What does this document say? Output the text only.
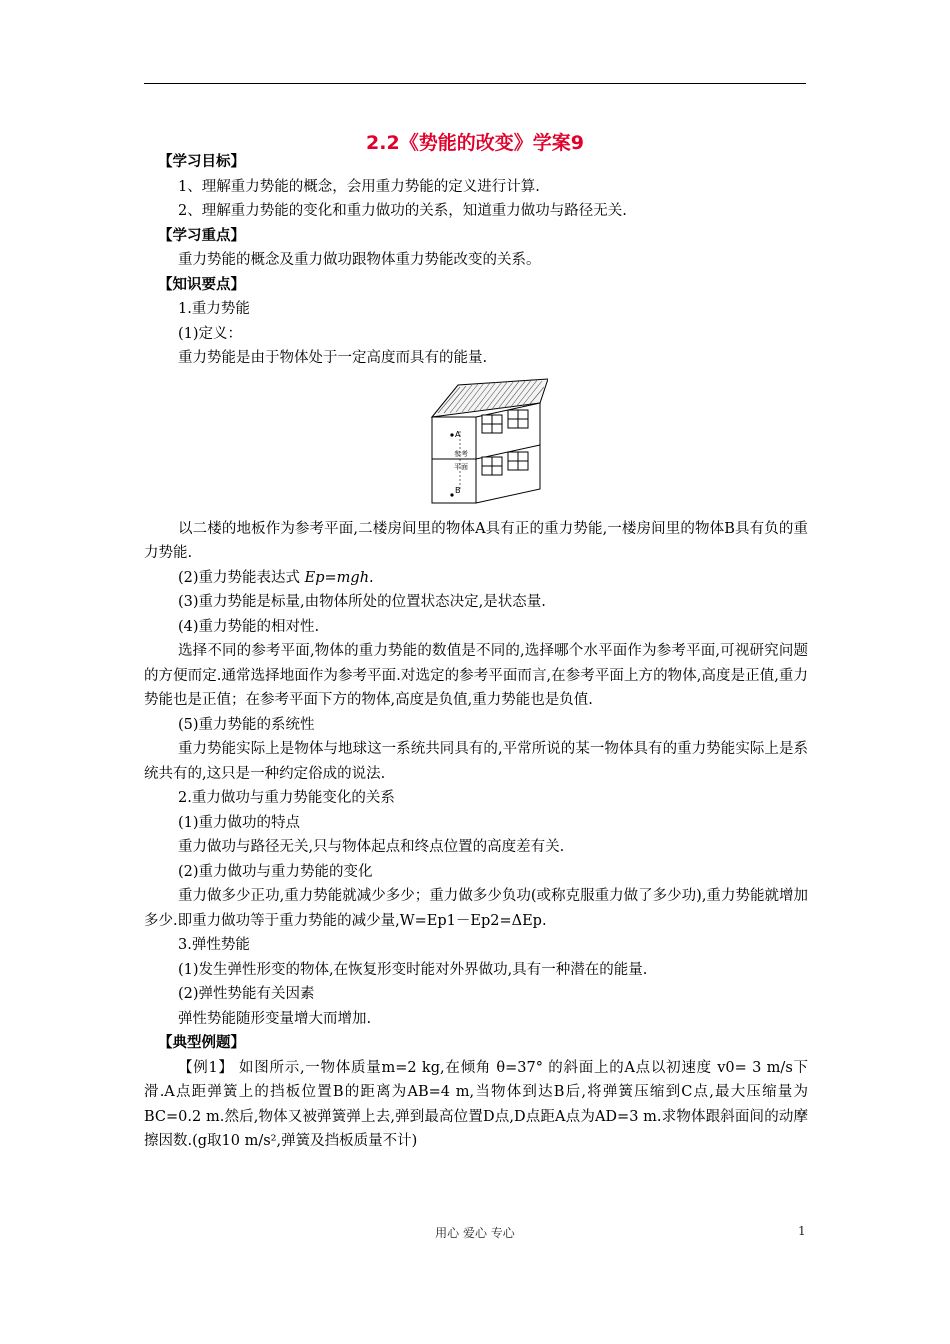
2.2《势能的改变》学案9

【学习目标】

1、理解重力势能的概念，会用重力势能的定义进行计算.

2、理解重力势能的变化和重力做功的关系，知道重力做功与路径无关.

【学习重点】

重力势能的概念及重力做功跟物体重力势能改变的关系。

【知识要点】

1.重力势能

(1)定义：

重力势能是由于物体处于一定高度而具有的能量.

A
B
参考
平面

以二楼的地板作为参考平面,二楼房间里的物体A具有正的重力势能,一楼房间里的物体B具有负的重力势能.

(2)重力势能表达式 Ep=mgh.

(3)重力势能是标量,由物体所处的位置状态决定,是状态量.

(4)重力势能的相对性.

选择不同的参考平面,物体的重力势能的数值是不同的,选择哪个水平面作为参考平面,可视研究问题的方便而定.通常选择地面作为参考平面.对选定的参考平面而言,在参考平面上方的物体,高度是正值,重力势能也是正值；在参考平面下方的物体,高度是负值,重力势能也是负值.

(5)重力势能的系统性

重力势能实际上是物体与地球这一系统共同具有的,平常所说的某一物体具有的重力势能实际上是系统共有的,这只是一种约定俗成的说法.

2.重力做功与重力势能变化的关系

(1)重力做功的特点

重力做功与路径无关,只与物体起点和终点位置的高度差有关.

(2)重力做功与重力势能的变化

重力做多少正功,重力势能就减少多少；重力做多少负功(或称克服重力做了多少功),重力势能就增加多少.即重力做功等于重力势能的减少量,W=Ep1－Ep2=ΔEp.

3.弹性势能

(1)发生弹性形变的物体,在恢复形变时能对外界做功,具有一种潜在的能量.

(2)弹性势能有关因素

弹性势能随形变量增大而增加.

【典型例题】

【例1】 如图所示,一物体质量m=2 kg,在倾角 θ=37° 的斜面上的A点以初速度 v0= 3 m/s下滑.A点距弹簧上的挡板位置B的距离为AB=4 m,当物体到达B后,将弹簧压缩到C点,最大压缩量为BC=0.2 m.然后,物体又被弹簧弹上去,弹到最高位置D点,D点距A点为AD=3 m.求物体跟斜面间的动摩擦因数.(g取10 m/s²,弹簧及挡板质量不计)

用心 爱心 专心	1
